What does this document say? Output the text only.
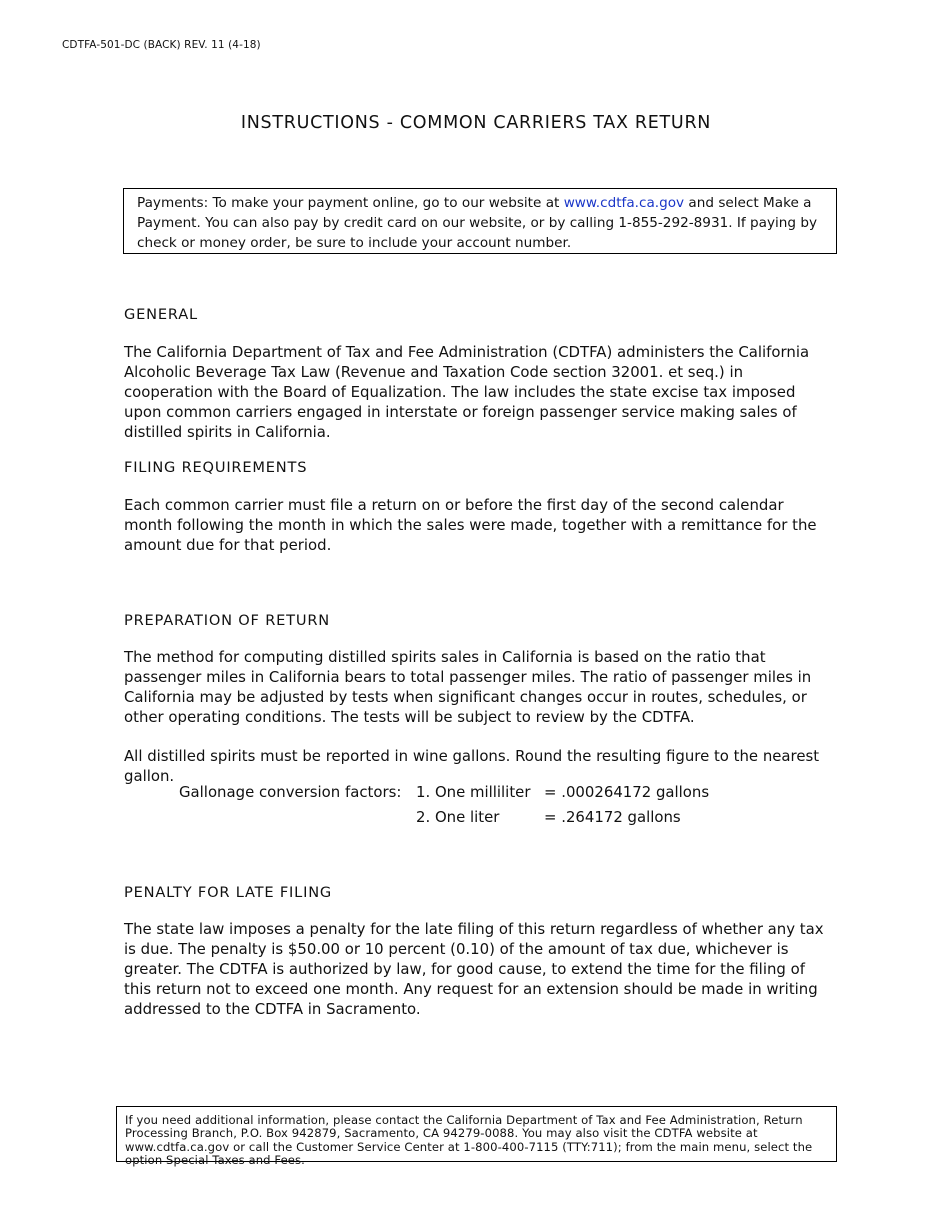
CDTFA-501-DC (BACK) REV. 11 (4-18)
INSTRUCTIONS - COMMON CARRIERS TAX RETURN
Payments: To make your payment online, go to our website at www.cdtfa.ca.gov and select Make a Payment. You can also pay by credit card on our website, or by calling 1-855-292-8931. If paying by check or money order, be sure to include your account number.
GENERAL
The California Department of Tax and Fee Administration (CDTFA) administers the California Alcoholic Beverage Tax Law (Revenue and Taxation Code section 32001. et seq.) in cooperation with the Board of Equalization. The law includes the state excise tax imposed upon common carriers engaged in interstate or foreign passenger service making sales of distilled spirits in California.
FILING REQUIREMENTS
Each common carrier must file a return on or before the first day of the second calendar month following the month in which the sales were made, together with a remittance for the amount due for that period.
PREPARATION OF RETURN
The method for computing distilled spirits sales in California is based on the ratio that passenger miles in California bears to total passenger miles. The ratio of passenger miles in California may be adjusted by tests when significant changes occur in routes, schedules, or other operating conditions. The tests will be subject to review by the CDTFA.
All distilled spirits must be reported in wine gallons. Round the resulting figure to the nearest gallon.
Gallonage conversion factors: 1. One milliliter = .000264172 gallons
2. One liter	= .264172 gallons
PENALTY FOR LATE FILING
The state law imposes a penalty for the late filing of this return regardless of whether any tax is due. The penalty is $50.00 or 10 percent (0.10) of the amount of tax due, whichever is greater. The CDTFA is authorized by law, for good cause, to extend the time for the filing of this return not to exceed one month. Any request for an extension should be made in writing addressed to the CDTFA in Sacramento.
If you need additional information, please contact the California Department of Tax and Fee Administration, Return Processing Branch, P.O. Box 942879, Sacramento, CA 94279-0088. You may also visit the CDTFA website at www.cdtfa.ca.gov or call the Customer Service Center at 1-800-400-7115 (TTY:711); from the main menu, select the option Special Taxes and Fees.
